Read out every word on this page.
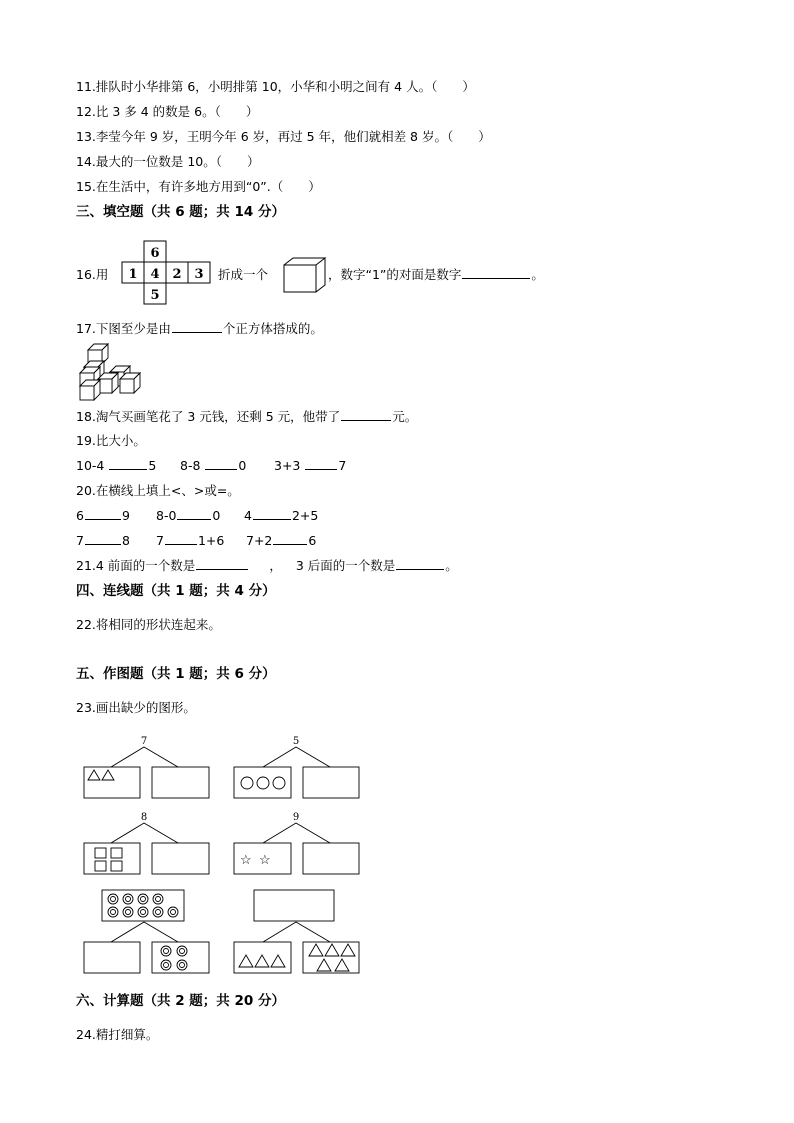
11.排队时小华排第 6，小明排第 10，小华和小明之间有 4 人。（　　）
12.比 3 多 4 的数是 6。（　　）
13.李莹今年 9 岁，王明今年 6 岁，再过 5 年，他们就相差 8 岁。（　　）
14.最大的一位数是 10。（　　）
15.在生活中，有许多地方用到“0”.（　　）
三、填空题（共 6 题；共 14 分）
16.用
6
1 4 2 3
5
折成一个	，数字“1”的对面是数字	。
17.下图至少是由	个正方体搭成的。
18.淘气买画笔花了 3 元钱，还剩 5 元，他带了	元。
19.比大小。
10-4	5 8-8	0 3+3	7
20.在横线上填上<、>或=。
6	9 8-0	0 4	2+5
7	8 7	1+6 7+2	6
21.4 前面的一个数是	， 3 后面的一个数是	。
四、连线题（共 1 题；共 4 分）
22.将相同的形状连起来。
五、作图题（共 1 题；共 6 分）
23.画出缺少的图形。
☆ ☆
7	5
8	9
六、计算题（共 2 题；共 20 分）
24.精打细算。
